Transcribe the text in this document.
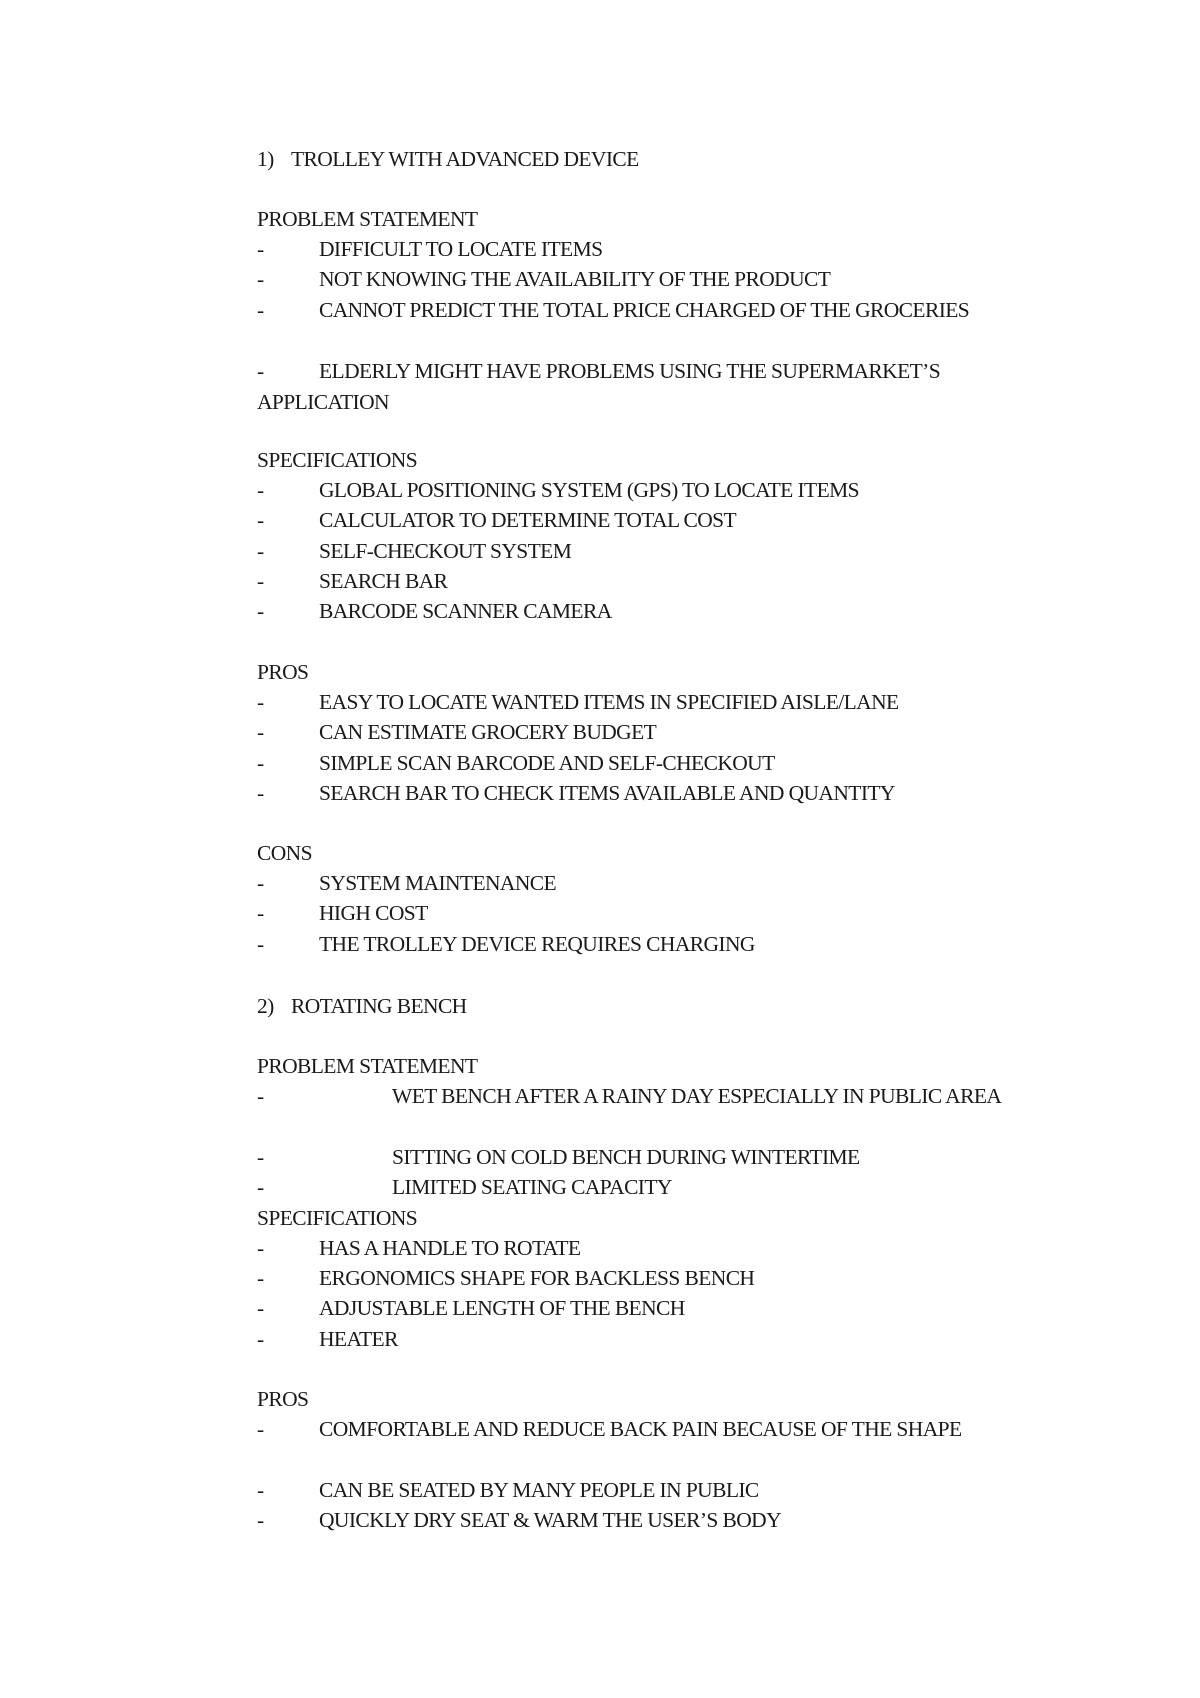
1) TROLLEY WITH ADVANCED DEVICE
PROBLEM STATEMENT
-	DIFFICULT TO LOCATE ITEMS
-	NOT KNOWING THE AVAILABILITY OF THE PRODUCT
-	CANNOT PREDICT THE TOTAL PRICE CHARGED OF THE GROCERIES
-	ELDERLY MIGHT HAVE PROBLEMS USING THE SUPERMARKET’S APPLICATION
SPECIFICATIONS
-	GLOBAL POSITIONING SYSTEM (GPS) TO LOCATE ITEMS
-	CALCULATOR TO DETERMINE TOTAL COST
-	SELF-CHECKOUT SYSTEM
-	SEARCH BAR
-	BARCODE SCANNER CAMERA
PROS
-	EASY TO LOCATE WANTED ITEMS IN SPECIFIED AISLE/LANE
-	CAN ESTIMATE GROCERY BUDGET
-	SIMPLE SCAN BARCODE AND SELF-CHECKOUT
-	SEARCH BAR TO CHECK ITEMS AVAILABLE AND QUANTITY
CONS
-	SYSTEM MAINTENANCE
-	HIGH COST
-	THE TROLLEY DEVICE REQUIRES CHARGING
2) ROTATING BENCH
PROBLEM STATEMENT
-	WET BENCH AFTER A RAINY DAY ESPECIALLY IN PUBLIC AREA
-	SITTING ON COLD BENCH DURING WINTERTIME
-	LIMITED SEATING CAPACITY
SPECIFICATIONS
-	HAS A HANDLE TO ROTATE
-	ERGONOMICS SHAPE FOR BACKLESS BENCH
-	ADJUSTABLE LENGTH OF THE BENCH
-	HEATER
PROS
-	COMFORTABLE AND REDUCE BACK PAIN BECAUSE OF THE SHAPE
-	CAN BE SEATED BY MANY PEOPLE IN PUBLIC
-	QUICKLY DRY SEAT & WARM THE USER’S BODY
